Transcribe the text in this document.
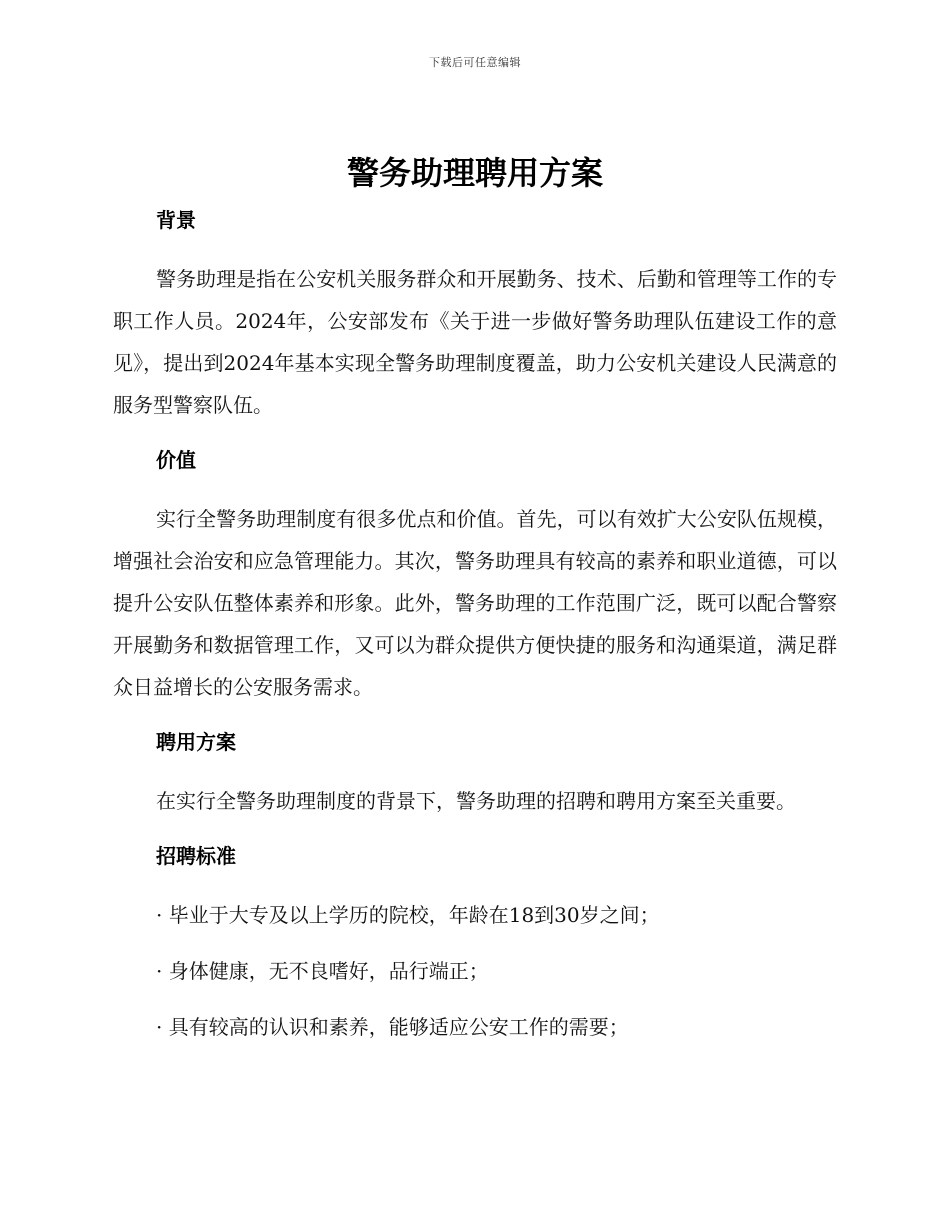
下载后可任意编辑
警务助理聘用方案
背景

警务助理是指在公安机关服务群众和开展勤务、技术、后勤和管理等工作的专职工作人员。2024年，公安部发布《关于进一步做好警务助理队伍建设工作的意见》，提出到2024年基本实现全警务助理制度覆盖，助力公安机关建设人民满意的服务型警察队伍。

价值

实行全警务助理制度有很多优点和价值。首先，可以有效扩大公安队伍规模，增强社会治安和应急管理能力。其次，警务助理具有较高的素养和职业道德，可以提升公安队伍整体素养和形象。此外，警务助理的工作范围广泛，既可以配合警察开展勤务和数据管理工作，又可以为群众提供方便快捷的服务和沟通渠道，满足群众日益增长的公安服务需求。

聘用方案

在实行全警务助理制度的背景下，警务助理的招聘和聘用方案至关重要。

招聘标准

· 毕业于大专及以上学历的院校，年龄在18到30岁之间；

· 身体健康，无不良嗜好，品行端正；

· 具有较高的认识和素养，能够适应公安工作的需要；
